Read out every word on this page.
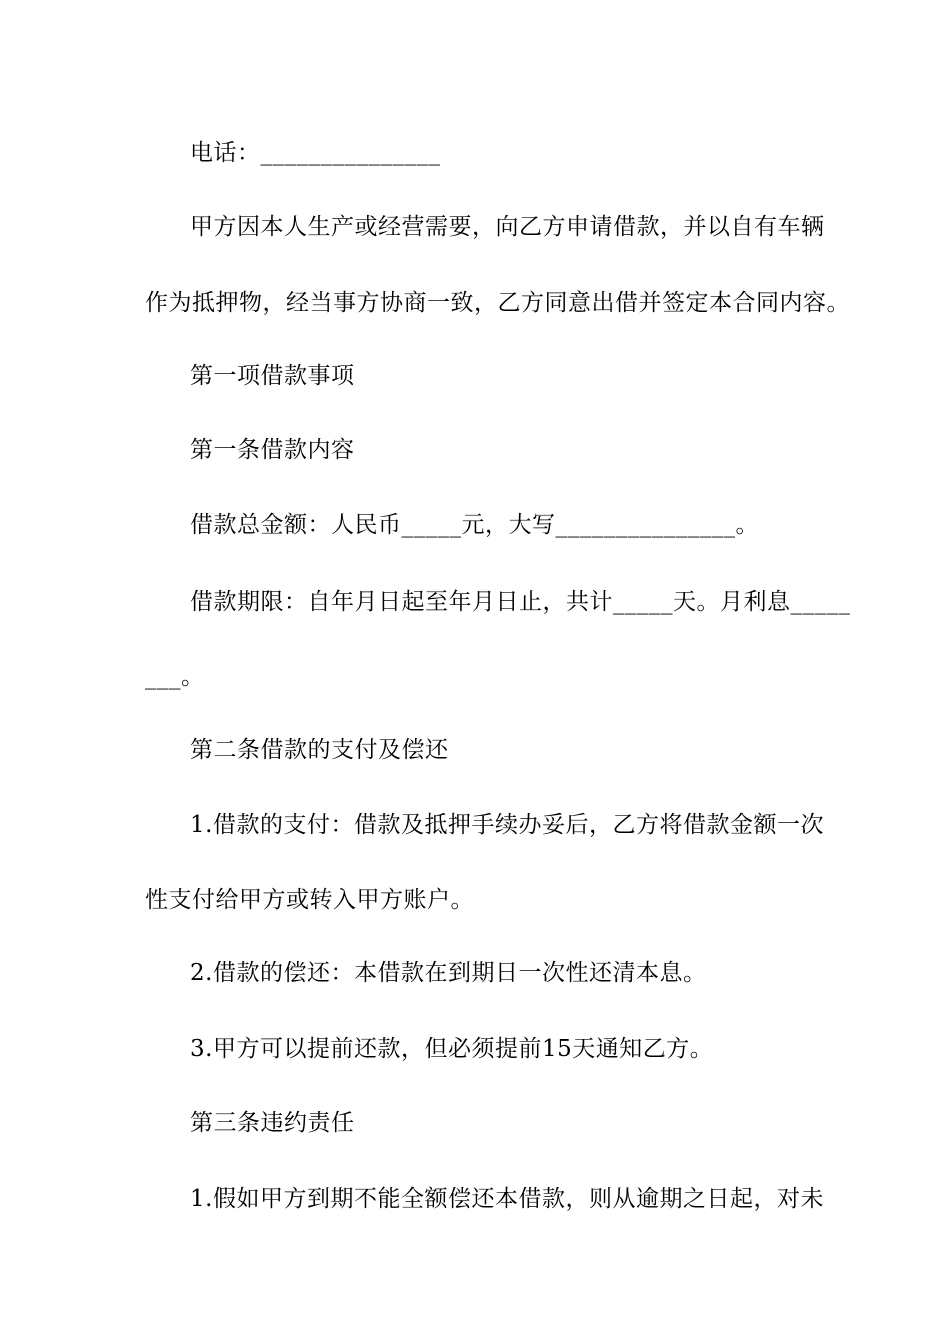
电话：_______________
甲方因本人生产或经营需要，向乙方申请借款，并以自有车辆
作为抵押物，经当事方协商一致，乙方同意出借并签定本合同内容。
第一项借款事项
第一条借款内容
借款总金额：人民币_____元，大写_______________。
借款期限：自年月日起至年月日止，共计_____天。月利息_____
___。
第二条借款的支付及偿还
1.借款的支付：借款及抵押手续办妥后，乙方将借款金额一次
性支付给甲方或转入甲方账户。
2.借款的偿还：本借款在到期日一次性还清本息。
3.甲方可以提前还款，但必须提前15天通知乙方。
第三条违约责任
1.假如甲方到期不能全额偿还本借款，则从逾期之日起，对未
